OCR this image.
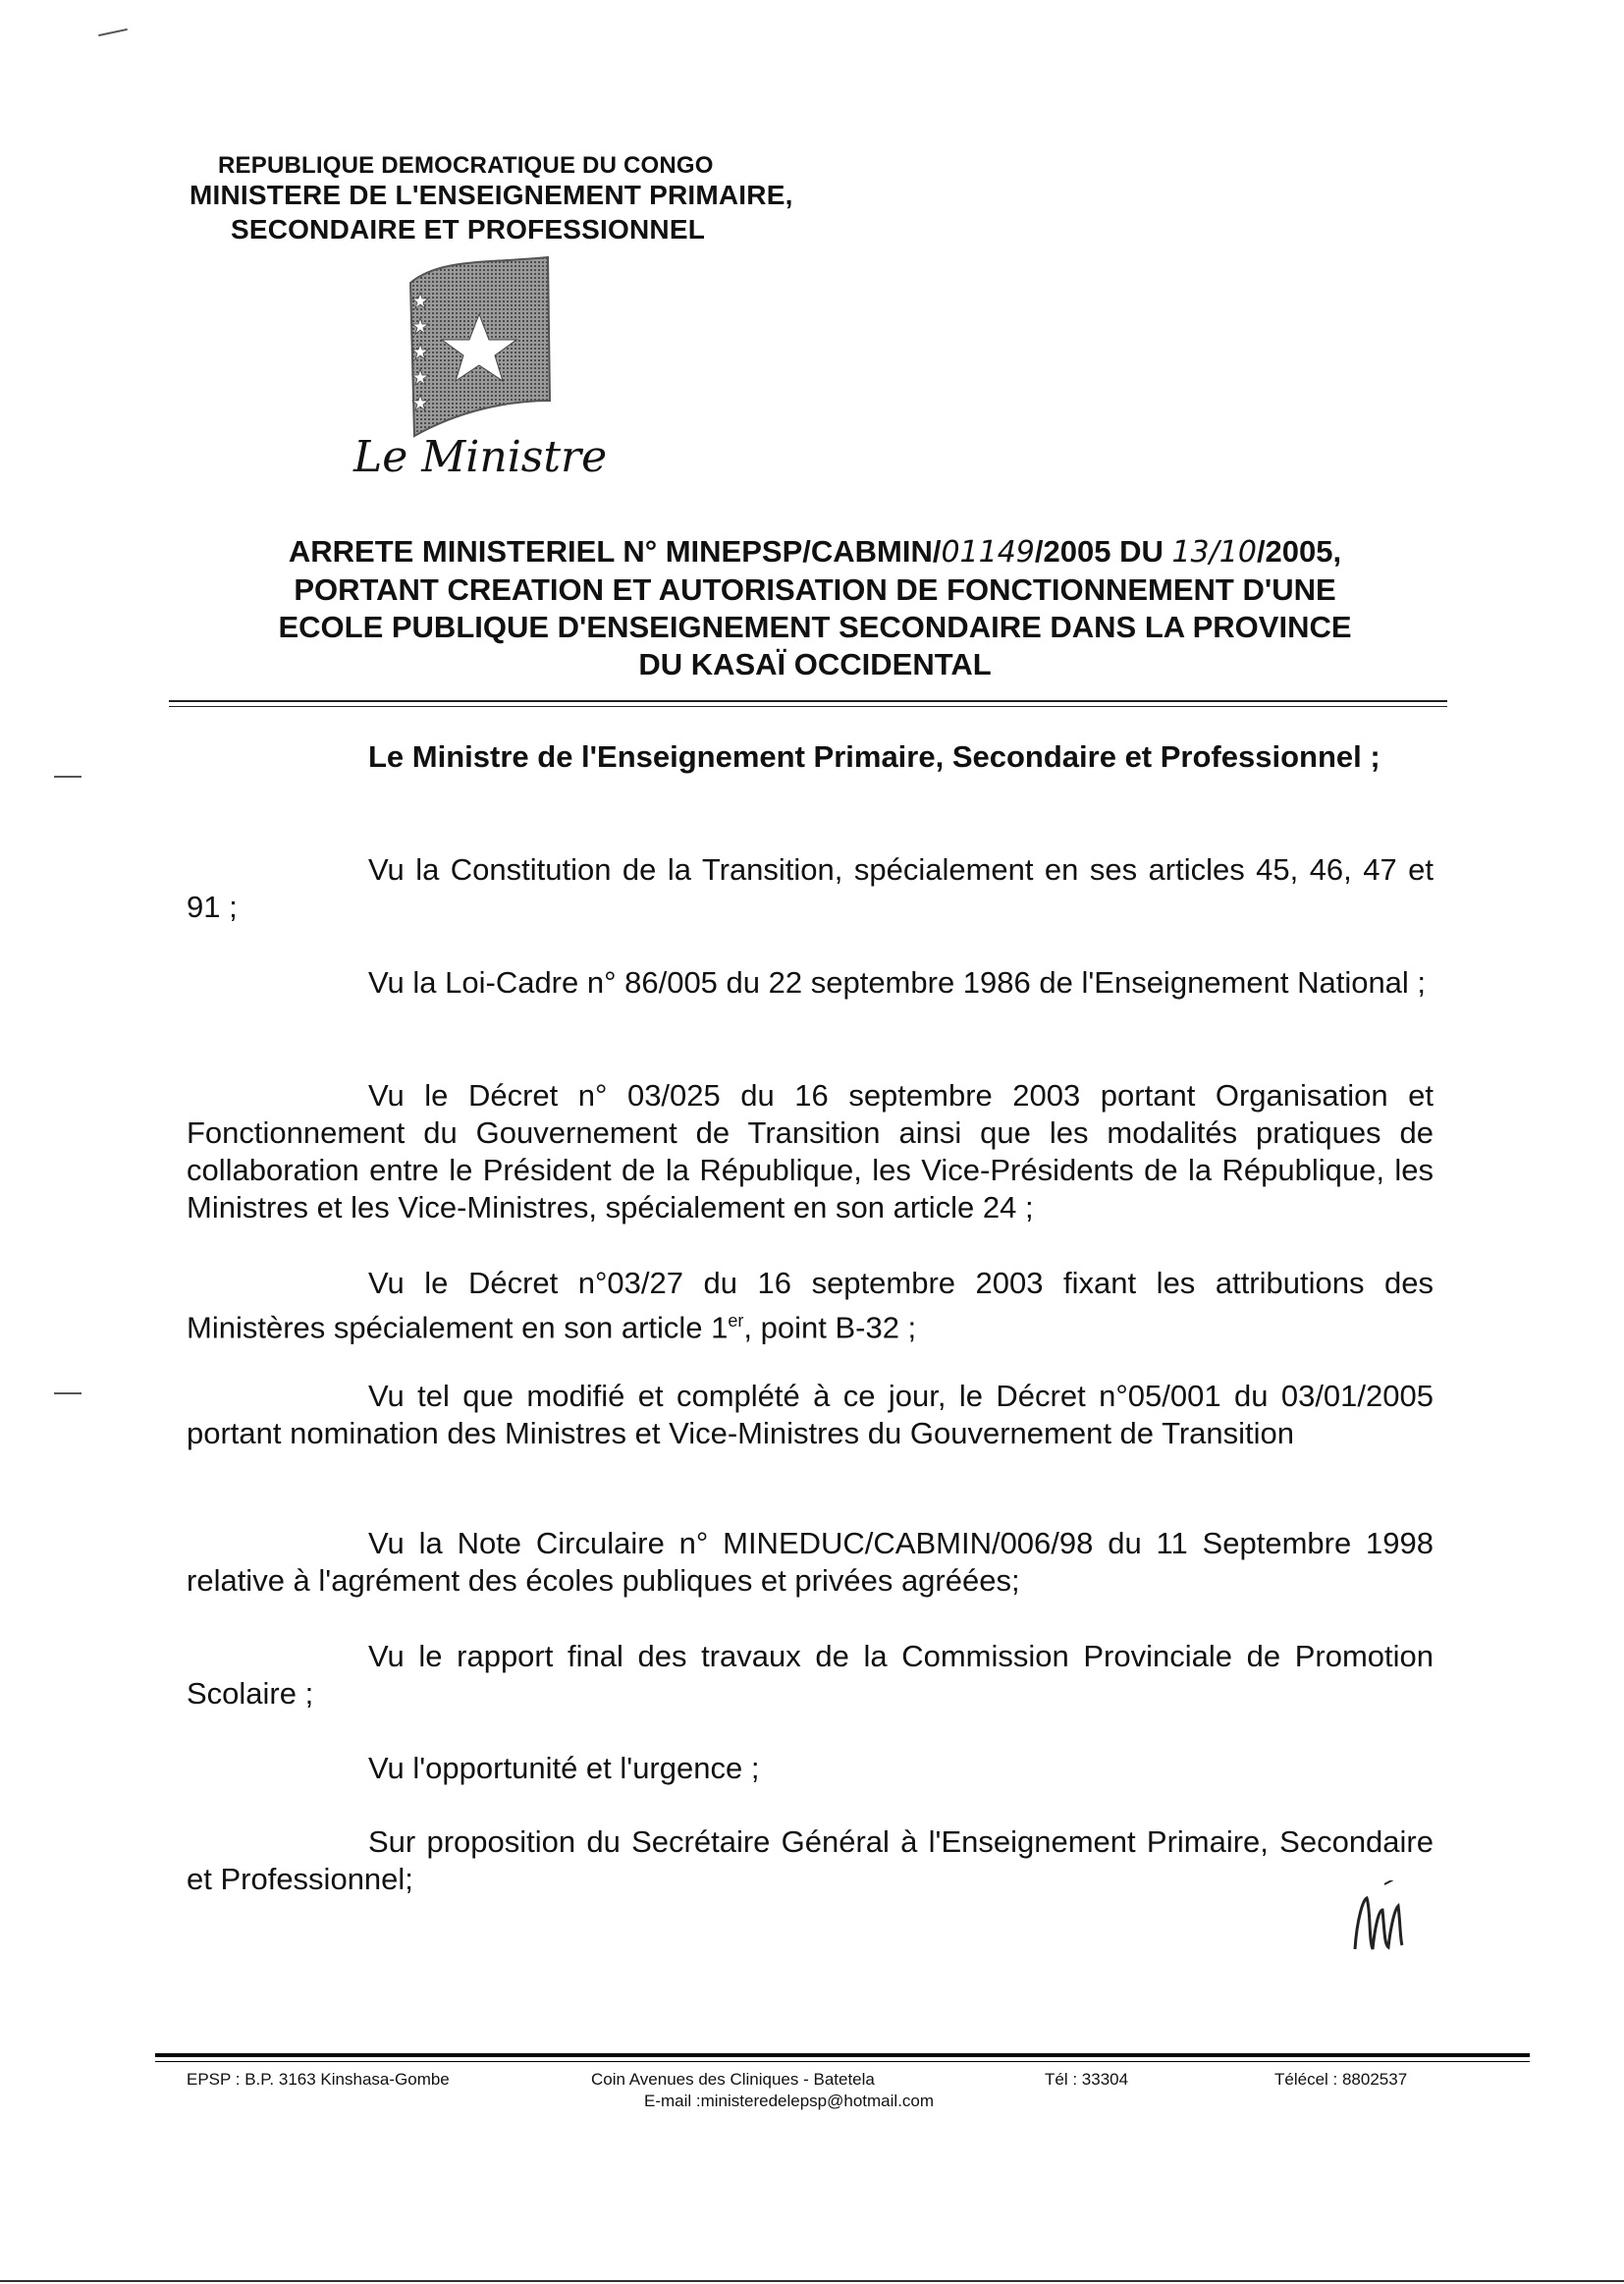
REPUBLIQUE DEMOCRATIQUE DU CONGO
MINISTERE DE L'ENSEIGNEMENT PRIMAIRE,
SECONDAIRE ET PROFESSIONNEL
Le Ministre
ARRETE MINISTERIEL N° MINEPSP/CABMIN/01149/2005 DU 13/10/2005,
PORTANT CREATION ET AUTORISATION DE FONCTIONNEMENT D'UNE
ECOLE PUBLIQUE D'ENSEIGNEMENT SECONDAIRE DANS LA PROVINCE
DU KASAÏ OCCIDENTAL
Le Ministre de l'Enseignement Primaire, Secondaire et Professionnel ;
Vu la Constitution de la Transition, spécialement en ses articles 45, 46, 47 et 91 ;
Vu la Loi-Cadre n° 86/005 du 22 septembre 1986 de l'Enseignement National ;
Vu le Décret n° 03/025 du 16 septembre 2003 portant Organisation et Fonctionnement du Gouvernement de Transition ainsi que les modalités pratiques de collaboration entre le Président de la République, les Vice-Présidents de la République, les Ministres et les Vice-Ministres, spécialement en son article 24 ;
Vu le Décret n°03/27 du 16 septembre 2003 fixant les attributions des Ministères spécialement en son article 1er, point B-32 ;
Vu tel que modifié et complété à ce jour, le Décret n°05/001 du 03/01/2005 portant nomination des Ministres et Vice-Ministres du Gouvernement de Transition
Vu la Note Circulaire n° MINEDUC/CABMIN/006/98 du 11 Septembre 1998 relative à l'agrément des écoles publiques et privées agréées;
Vu le rapport final des travaux de la Commission Provinciale de Promotion Scolaire ;
Vu l'opportunité et l'urgence ;
Sur proposition du Secrétaire Général à l'Enseignement Primaire, Secondaire et Professionnel;
EPSP : B.P. 3163 Kinshasa-Gombe	Coin Avenues des Cliniques - Batetela
E-mail :ministeredelepsp@hotmail.com
Tél : 33304	Télécel : 8802537
